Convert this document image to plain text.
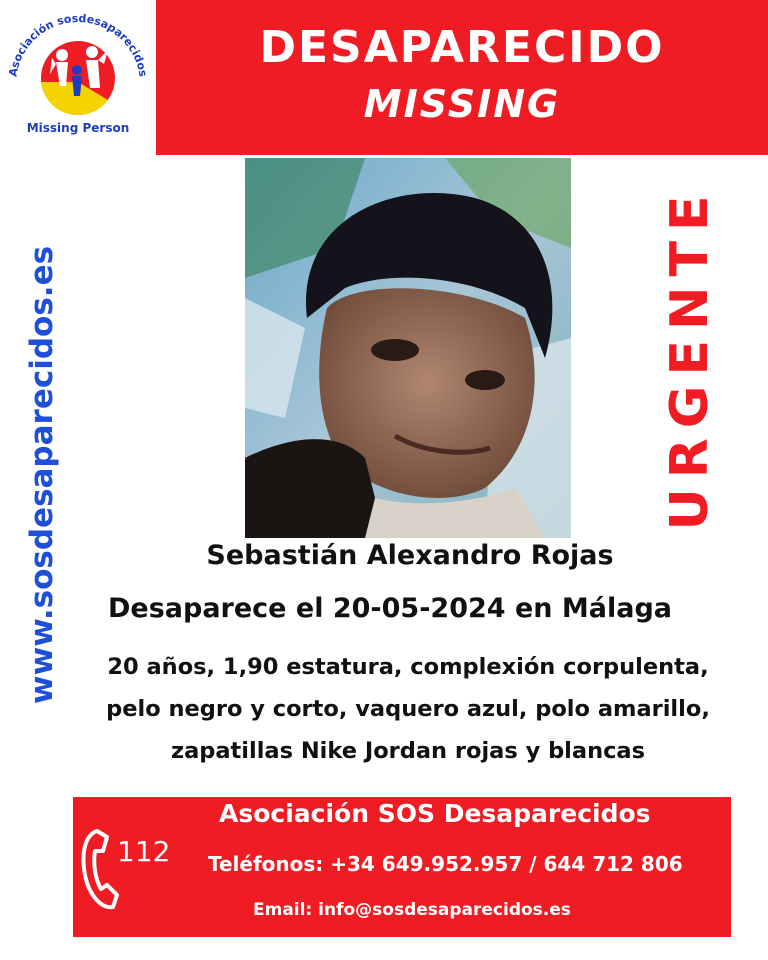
Asociación sosdesaparecidos
Missing Person
DESAPARECIDO
MISSING
www.sosdesaparecidos.es	URGENTE
Sebastián Alexandro Rojas
Desaparece el 20-05-2024 en Málaga
20 años, 1,90 estatura, complexión corpulenta,
pelo negro y corto, vaquero azul, polo amarillo,
zapatillas Nike Jordan rojas y blancas
112
Asociación SOS Desaparecidos
Teléfonos: +34 649.952.957 / 644 712 806
Email: info@sosdesaparecidos.es
